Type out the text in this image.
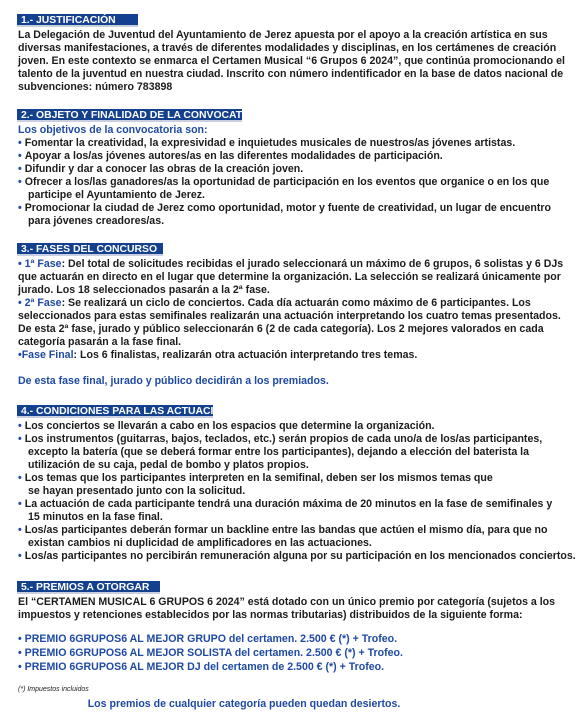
1.- JUSTIFICACIÓN
La Delegación de Juventud del Ayuntamiento de Jerez apuesta por el apoyo a la creación artística en sus
diversas manifestaciones, a través de diferentes modalidades y disciplinas, en los certámenes de creación
joven. En este contexto se enmarca el Certamen Musical “6 Grupos 6 2024”, que continúa promocionando el
talento de la juventud en nuestra ciudad. Inscrito con número indentificador en la base de datos nacional de
subvenciones: número 783898
2.- OBJETO Y FINALIDAD DE LA CONVOCATORIA
Los objetivos de la convocatoria son:
• Fomentar la creatividad, la expresividad e inquietudes musicales de nuestros/as jóvenes artistas.
• Apoyar a los/as jóvenes autores/as en las diferentes modalidades de participación.
• Difundir y dar a conocer las obras de la creación joven.
• Ofrecer a los/las ganadores/as la oportunidad de participación en los eventos que organice o en los que
participe el Ayuntamiento de Jerez.
• Promocionar la ciudad de Jerez como oportunidad, motor y fuente de creatividad, un lugar de encuentro
para jóvenes creadores/as.
3.- FASES DEL CONCURSO
• 1ª Fase: Del total de solicitudes recibidas el jurado seleccionará un máximo de 6 grupos, 6 solistas y 6 DJs
que actuarán en directo en el lugar que determine la organización. La selección se realizará únicamente por
jurado. Los 18 seleccionados pasarán a la 2ª fase.
• 2ª Fase: Se realizará un ciclo de conciertos. Cada día actuarán como máximo de 6 participantes. Los
seleccionados para estas semifinales realizarán una actuación interpretando los cuatro temas presentados.
De esta 2ª fase, jurado y público seleccionarán 6 (2 de cada categoría). Los 2 mejores valorados en cada
categoría pasarán a la fase final.
•Fase Final: Los 6 finalistas, realizarán otra actuación interpretando tres temas.
De esta fase final, jurado y público decidirán a los premiados.
4.- CONDICIONES PARA LAS ACTUACIONES
• Los conciertos se llevarán a cabo en los espacios que determine la organización.
• Los instrumentos (guitarras, bajos, teclados, etc.) serán propios de cada uno/a de los/as participantes,
excepto la batería (que se deberá formar entre los participantes), dejando a elección del baterista la
utilización de su caja, pedal de bombo y platos propios.
• Los temas que los participantes interpreten en la semifinal, deben ser los mismos temas que
se hayan presentado junto con la solicitud.
• La actuación de cada participante tendrá una duración máxima de 20 minutos en la fase de semifinales y
15 minutos en la fase final.
• Los/as participantes deberán formar un backline entre las bandas que actúen el mismo día, para que no
existan cambios ni duplicidad de amplificadores en las actuaciones.
• Los/as participantes no percibirán remuneración alguna por su participación en los mencionados conciertos.
5.- PREMIOS A OTORGAR
El “CERTAMEN MUSICAL 6 GRUPOS 6 2024” está dotado con un único premio por categoría (sujetos a los
impuestos y retenciones establecidos por las normas tributarias) distribuidos de la siguiente forma:
• PREMIO 6GRUPOS6 AL MEJOR GRUPO del certamen. 2.500 € (*) + Trofeo.
• PREMIO 6GRUPOS6 AL MEJOR SOLISTA del certamen. 2.500 € (*) + Trofeo.
• PREMIO 6GRUPOS6 AL MEJOR DJ del certamen de 2.500 € (*) + Trofeo.
(*) Impuestos incluidos
Los premios de cualquier categoría pueden quedan desiertos.
